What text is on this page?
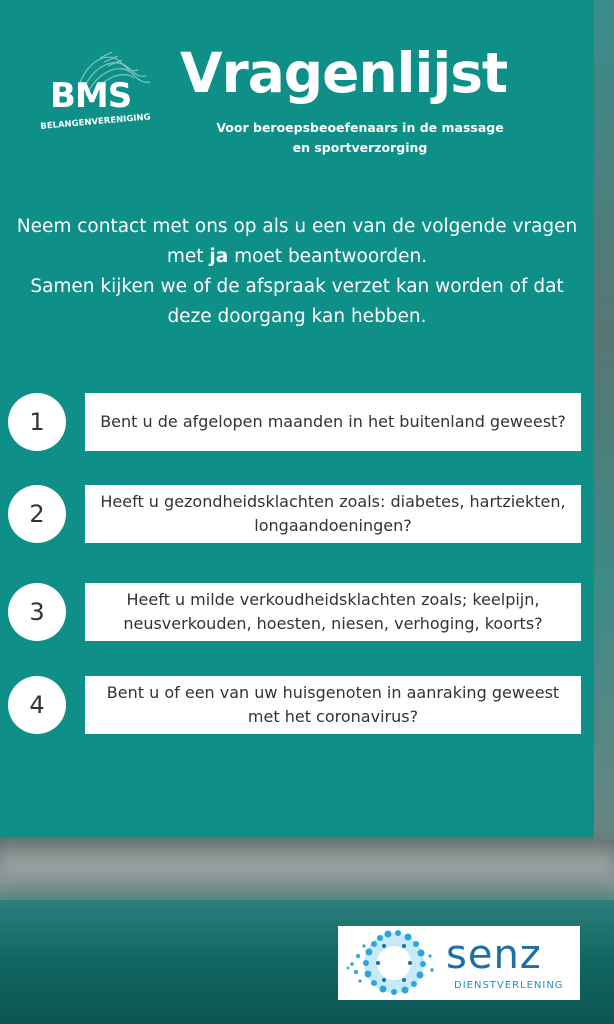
BMS
BELANGENVERENIGING
Vragenlijst
Voor beroepsbeoefenaars in de massage en sportverzorging
Neem contact met ons op als u een van de volgende vragen met ja moet beantwoorden.
Samen kijken we of de afspraak verzet kan worden of dat deze doorgang kan hebben.
1	Bent u de afgelopen maanden in het buitenland geweest?
2	Heeft u gezondheidsklachten zoals: diabetes, hartziekten, longaandoeningen?
3	Heeft u milde verkoudheidsklachten zoals; keelpijn, neusverkouden, hoesten, niesen, verhoging, koorts?
4	Bent u of een van uw huisgenoten in aanraking geweest met het coronavirus?
senz
DIENSTVERLENING
